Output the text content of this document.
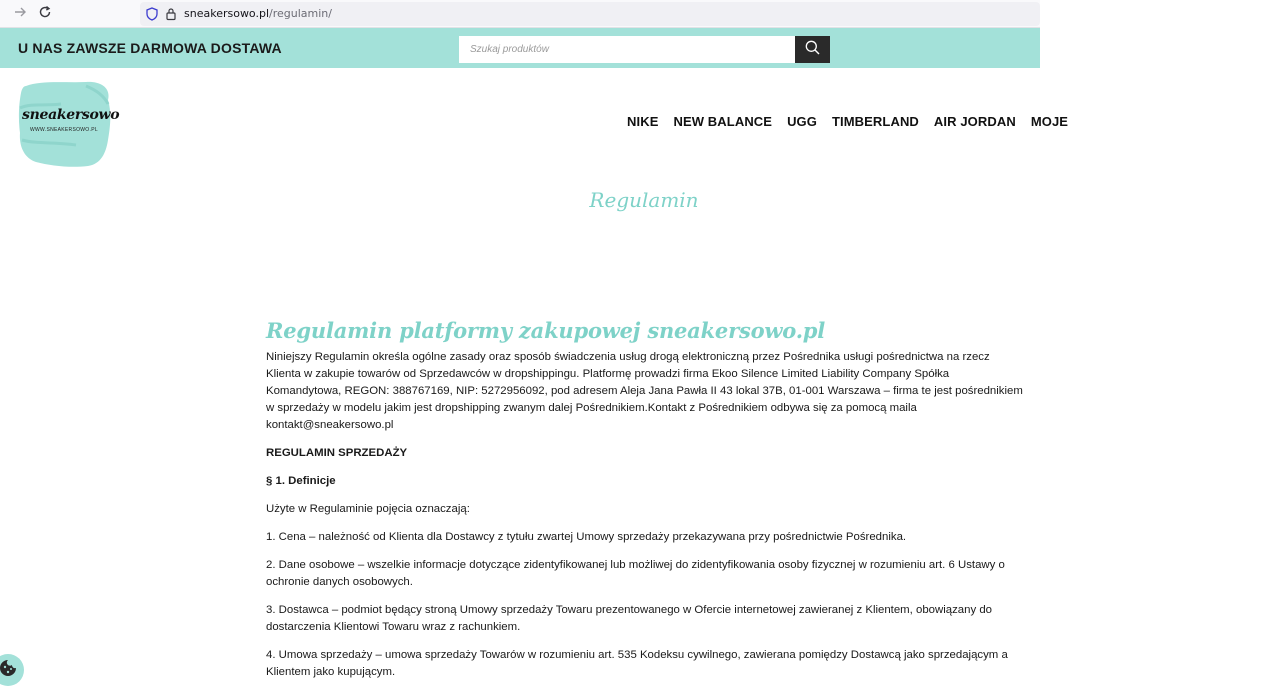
sneakersowo.pl/regulamin/
U NAS ZAWSZE DARMOWA DOSTAWA
Szukaj produktów
sneakersowo
WWW.SNEAKERSOWO.PL
NIKE NEW BALANCE UGG TIMBERLAND AIR JORDAN MOJE
Regulamin
Regulamin platformy zakupowej sneakersowo.pl

Niniejszy Regulamin określa ogólne zasady oraz sposób świadczenia usług drogą elektroniczną przez Pośrednika usługi pośrednictwa na rzecz Klienta w zakupie towarów od Sprzedawców w dropshippingu. Platformę prowadzi firma Ekoo Silence Limited Liability Company Spółka Komandytowa, REGON: 388767169, NIP: 5272956092, pod adresem Aleja Jana Pawła II 43 lokal 37B, 01-001 Warszawa – firma te jest pośrednikiem w sprzedaży w modelu jakim jest dropshipping zwanym dalej Pośrednikiem.Kontakt z Pośrednikiem odbywa się za pomocą maila kontakt@sneakersowo.pl

REGULAMIN SPRZEDAŻY

§ 1. Definicje

Użyte w Regulaminie pojęcia oznaczają:

1. Cena – należność od Klienta dla Dostawcy z tytułu zwartej Umowy sprzedaży przekazywana przy pośrednictwie Pośrednika.

2. Dane osobowe – wszelkie informacje dotyczące zidentyfikowanej lub możliwej do zidentyfikowania osoby fizycznej w rozumieniu art. 6 Ustawy o ochronie danych osobowych.

3. Dostawca – podmiot będący stroną Umowy sprzedaży Towaru prezentowanego w Ofercie internetowej zawieranej z Klientem, obowiązany do dostarczenia Klientowi Towaru wraz z rachunkiem.

4. Umowa sprzedaży – umowa sprzedaży Towarów w rozumieniu art. 535 Kodeksu cywilnego, zawierana pomiędzy Dostawcą jako sprzedającym a Klientem jako kupującym.
